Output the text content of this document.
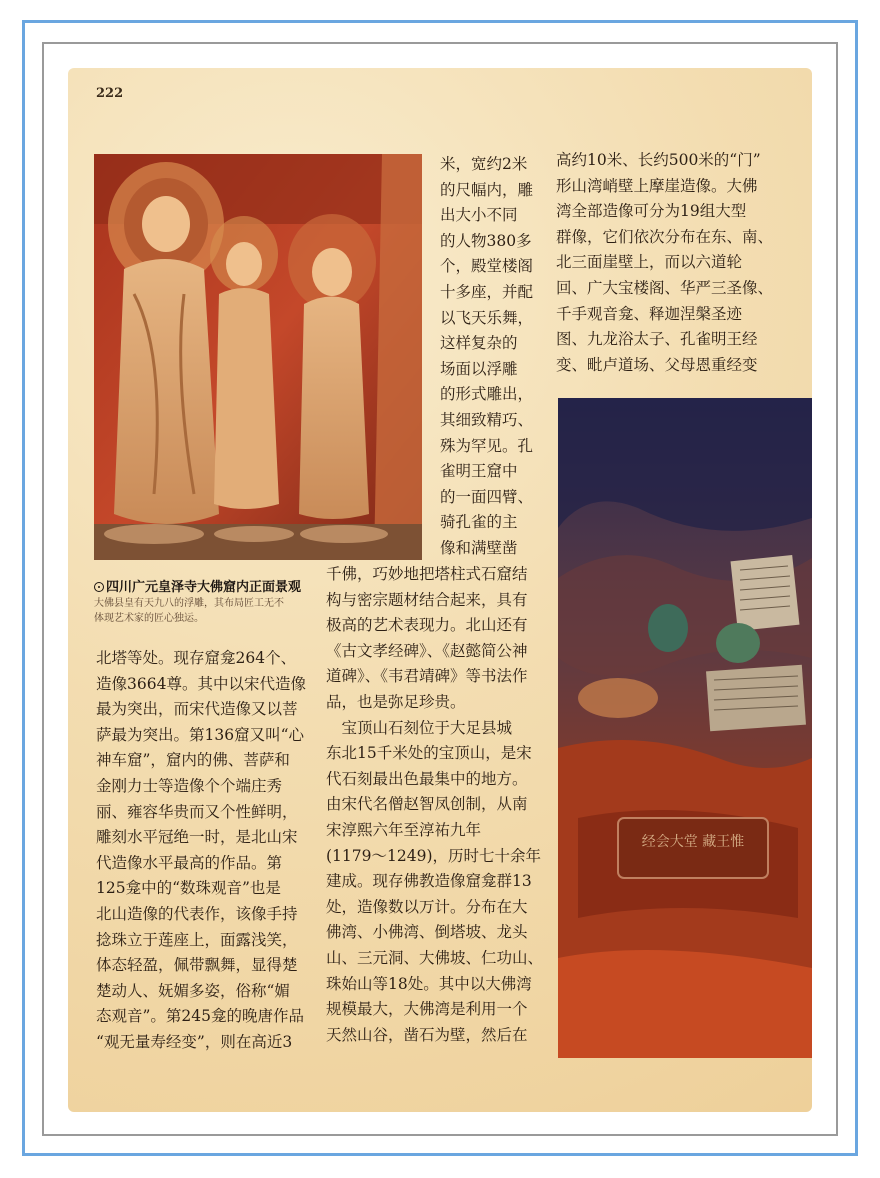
222
四川广元皇泽寺大佛窟内正面景观
大佛县皇有天九八的浮雕，其布局匠工无不
体现艺术家的匠心独运。
米，宽约2米
的尺幅内，雕
出大小不同
的人物380多
个，殿堂楼阁
十多座，并配
以飞天乐舞，
这样复杂的
场面以浮雕
的形式雕出，
其细致精巧、
殊为罕见。孔
雀明王窟中
的一面四臂、
骑孔雀的主
像和满壁凿
千佛，巧妙地把塔柱式石窟结
构与密宗题材结合起来，具有
极高的艺术表现力。北山还有
《古文孝经碑》、《赵懿简公神
道碑》、《韦君靖碑》等书法作
品，也是弥足珍贵。
　宝顶山石刻位于大足县城
东北15千米处的宝顶山，是宋
代石刻最出色最集中的地方。
由宋代名僧赵智凤创制，从南
宋淳熙六年至淳祐九年
(1179～1249)，历时七十余年
建成。现存佛教造像窟龛群13
处，造像数以万计。分布在大
佛湾、小佛湾、倒塔坡、龙头
山、三元洞、大佛坡、仁功山、
珠始山等18处。其中以大佛湾
规模最大，大佛湾是利用一个
天然山谷，凿石为壁，然后在
高约10米、长约500米的“门”
形山湾峭壁上摩崖造像。大佛
湾全部造像可分为19组大型
群像，它们依次分布在东、南、
北三面崖壁上，而以六道轮
回、广大宝楼阁、华严三圣像、
千手观音龛、释迦涅槃圣迹
图、九龙浴太子、孔雀明王经
变、毗卢道场、父母恩重经变
北塔等处。现存窟龛264个、
造像3664尊。其中以宋代造像
最为突出，而宋代造像又以菩
萨最为突出。第136窟又叫“心
神车窟”，窟内的佛、菩萨和
金刚力士等造像个个端庄秀
丽、雍容华贵而又个性鲜明，
雕刻水平冠绝一时，是北山宋
代造像水平最高的作品。第
125龛中的“数珠观音”也是
北山造像的代表作，该像手持
捻珠立于莲座上，面露浅笑，
体态轻盈，佩带飘舞，显得楚
楚动人、妩媚多姿，俗称“媚
态观音”。第245龛的晚唐作品
“观无量寿经变”，则在高近3
经会大堂 藏王惟
